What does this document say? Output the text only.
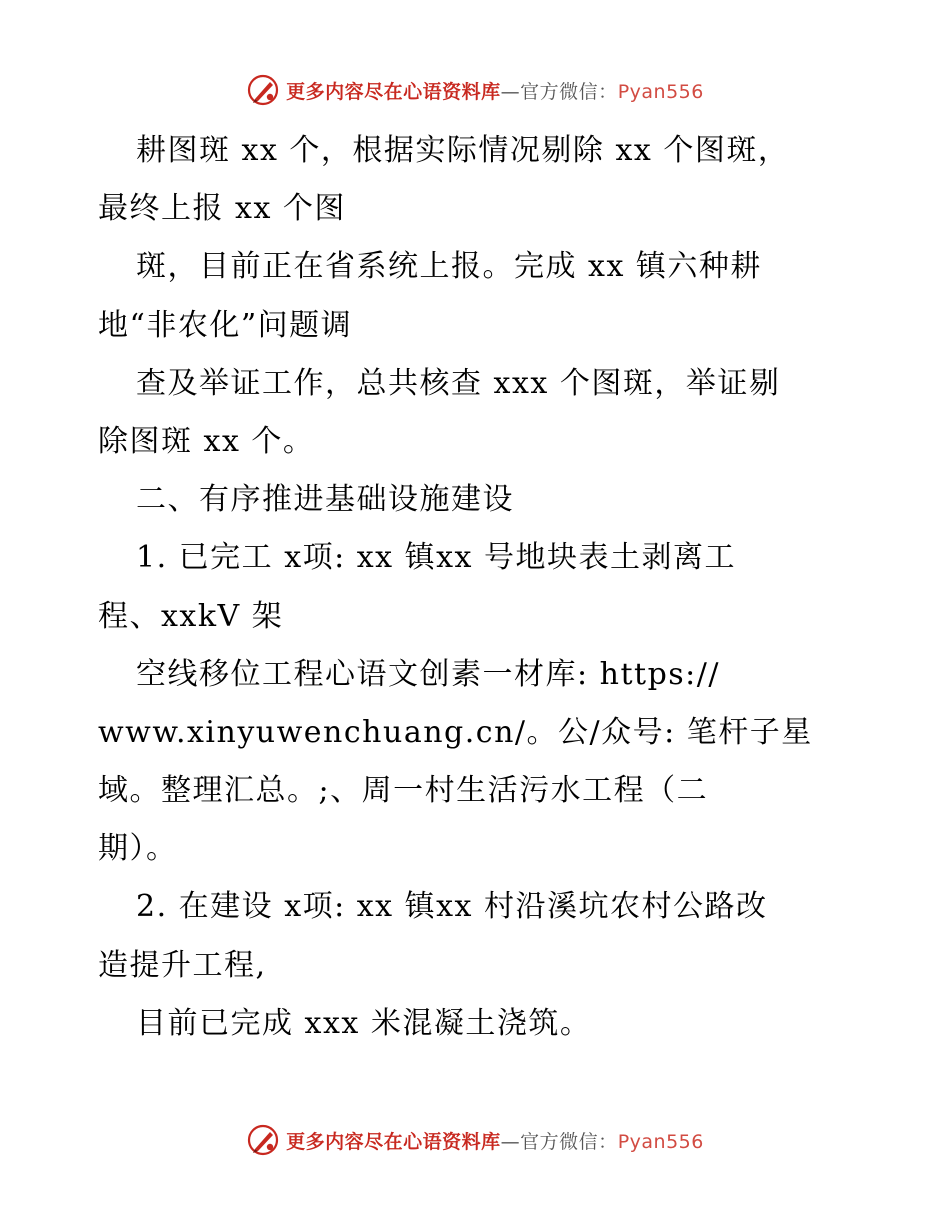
更多内容尽在心语资料库—官方微信：Pyan556
耕图斑 xx 个，根据实际情况剔除 xx 个图斑，
最终上报 xx 个图
斑，目前正在省系统上报。完成 xx 镇六种耕
地“非农化”问题调
查及举证工作，总共核查 xxx 个图斑，举证剔
除图斑 xx 个。
二、有序推进基础设施建设
1. 已完工 x项: xx 镇xx 号地块表土剥离工
程、xxkV 架
空线移位工程心语文创素一材库: https://
www.xinyuwenchuang.cn/。公/众号: 笔杆子星
域。整理汇总。;、周一村生活污水工程（二
期）。
2. 在建设 x项: xx 镇xx 村沿溪坑农村公路改
造提升工程,
目前已完成 xxx 米混凝土浇筑。
更多内容尽在心语资料库—官方微信：Pyan556
